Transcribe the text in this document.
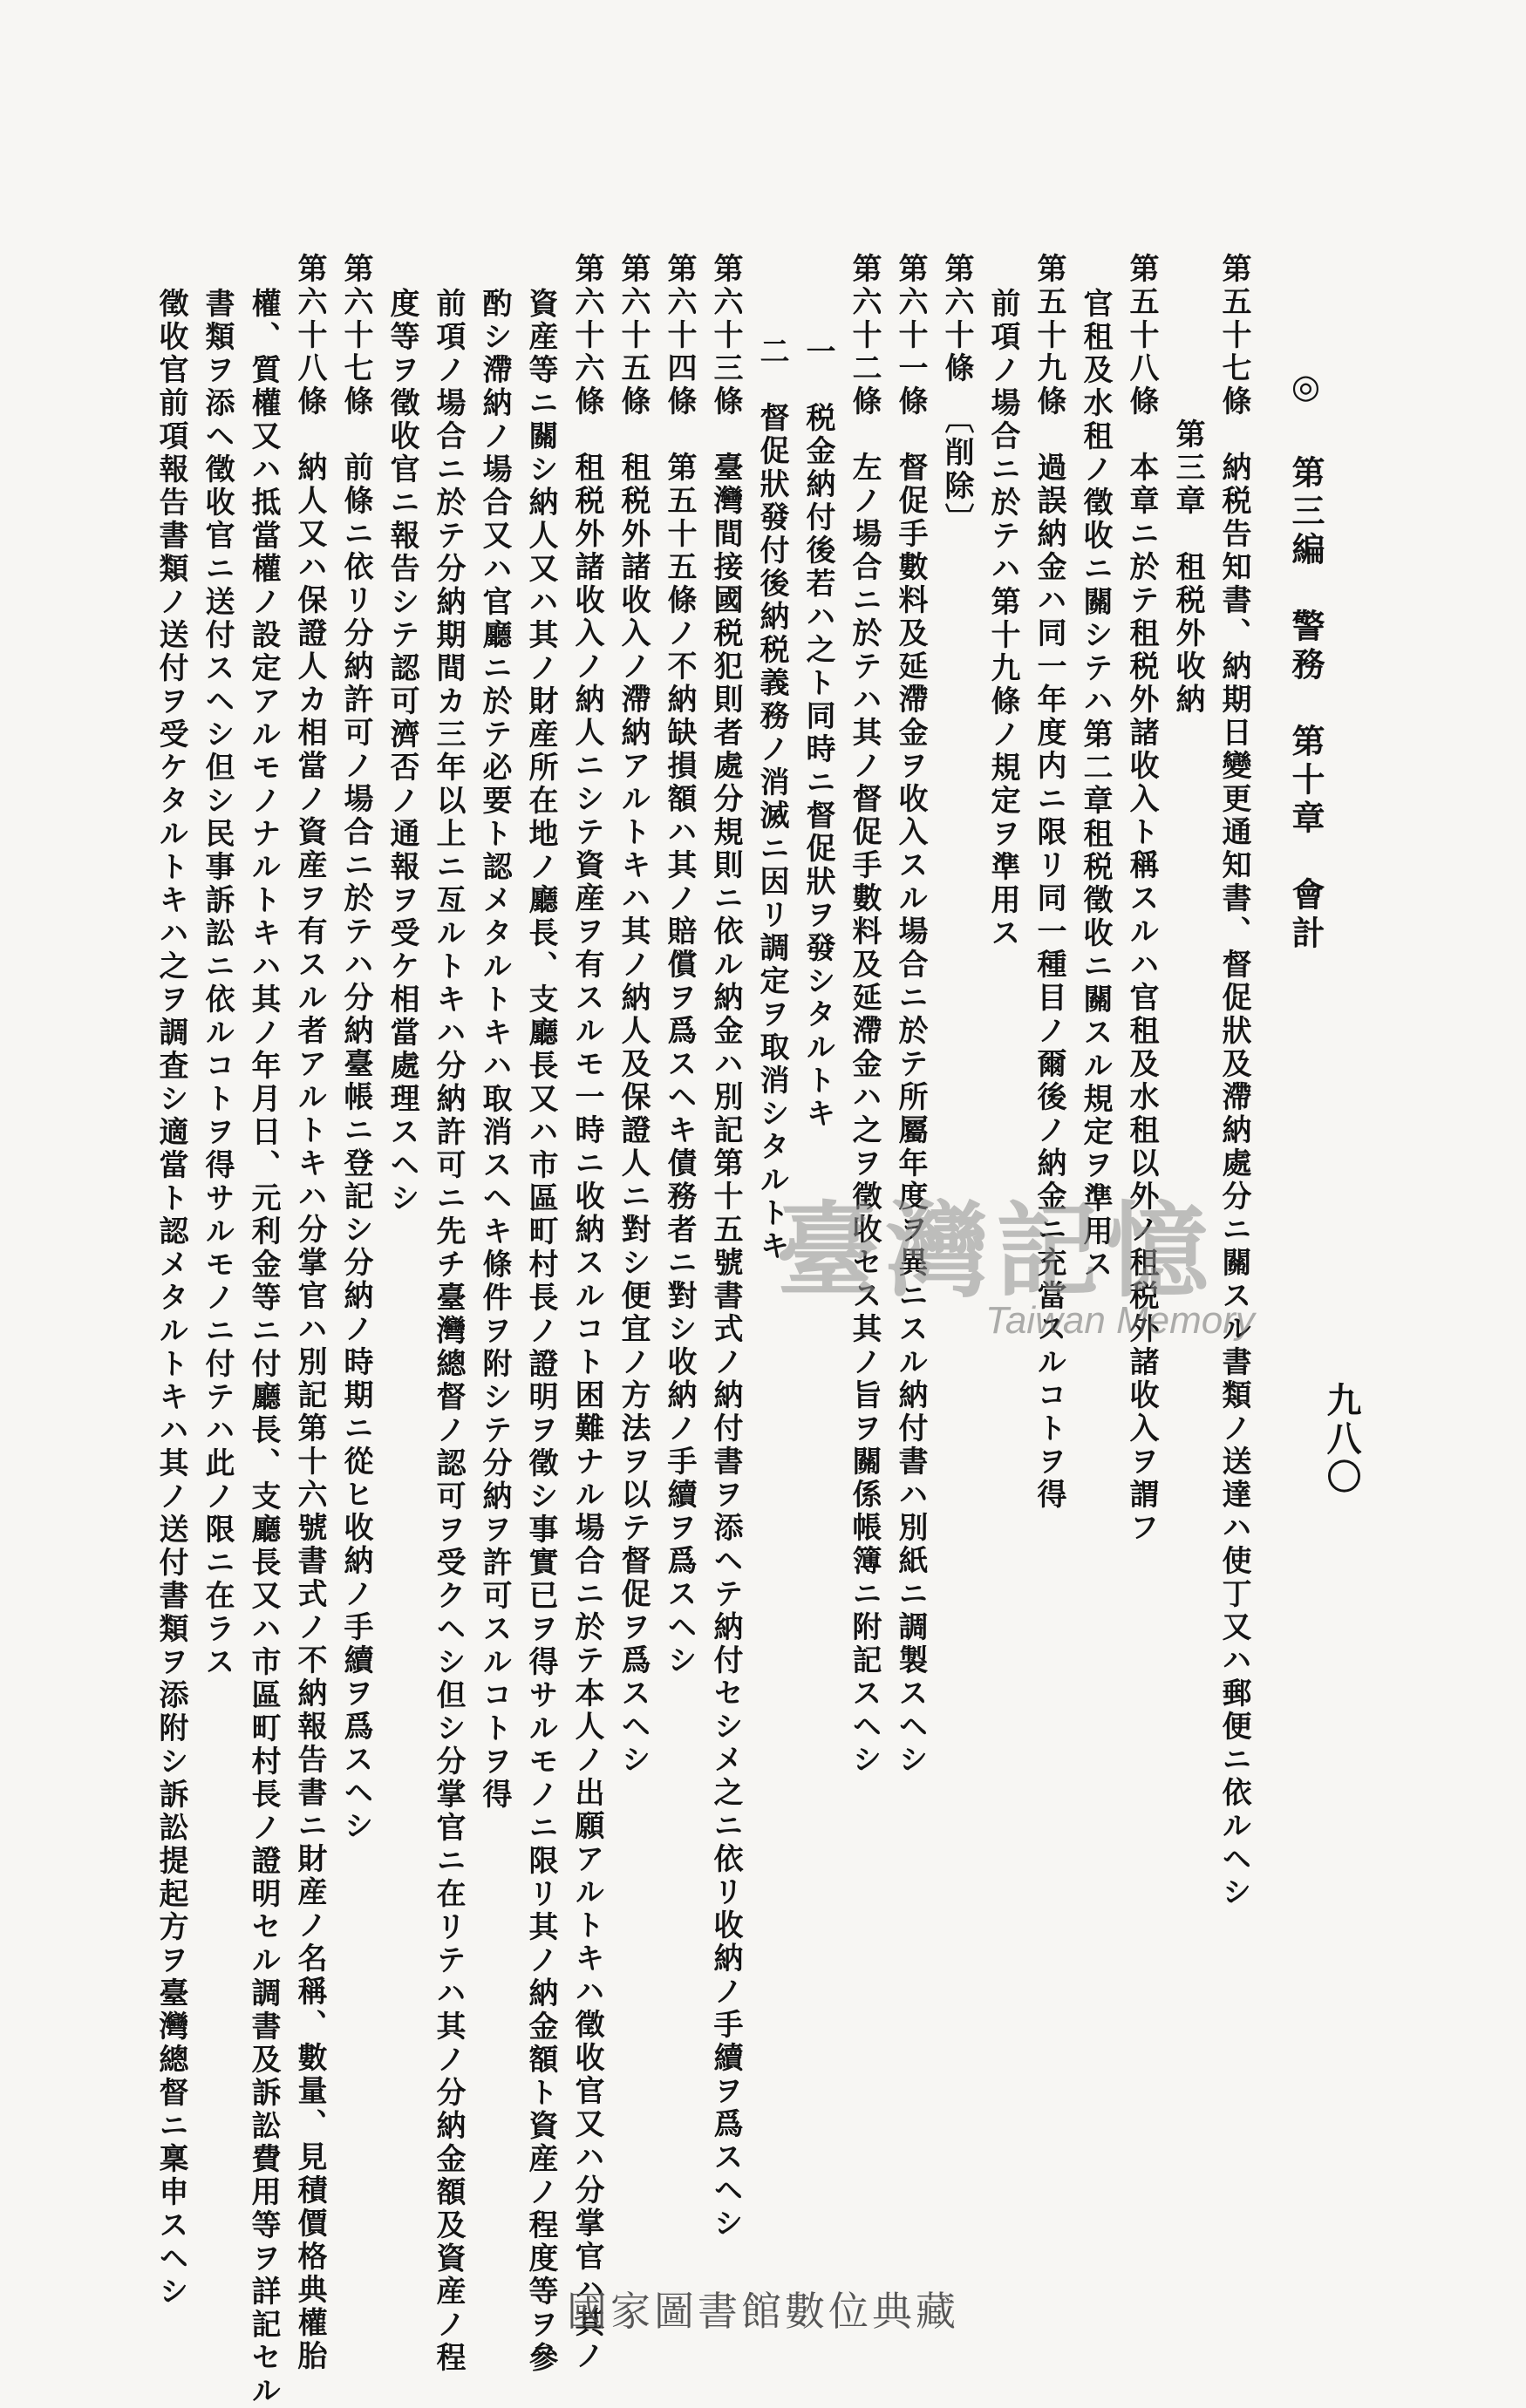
九八〇
◎ 第三編　警務　第十章　會計
第五十七條　納税告知書、納期日變更通知書、督促狀及滯納處分ニ關スル書類ノ送達ハ使丁又ハ郵便ニ依ルヘシ
第三章　租税外收納
第五十八條　本章ニ於テ租税外諸收入ト稱スルハ官租及水租以外ノ租税外諸收入ヲ謂フ
官租及水租ノ徵收ニ關シテハ第二章租税徵收ニ關スル規定ヲ準用ス
第五十九條　過誤納金ハ同一年度内ニ限リ同一種目ノ爾後ノ納金ニ充當スルコトヲ得
前項ノ場合ニ於テハ第十九條ノ規定ヲ準用ス
第六十條　〔削除〕
第六十一條　督促手數料及延滯金ヲ收入スル場合ニ於テ所屬年度ヲ異ニスル納付書ハ別紙ニ調製スヘシ
第六十二條　左ノ場合ニ於テハ其ノ督促手數料及延滯金ハ之ヲ徵收セス其ノ旨ヲ關係帳簿ニ附記スヘシ
一　税金納付後若ハ之ト同時ニ督促狀ヲ發シタルトキ
二　督促狀發付後納税義務ノ消滅ニ因リ調定ヲ取消シタルトキ
第六十三條　臺灣間接國税犯則者處分規則ニ依ル納金ハ別記第十五號書式ノ納付書ヲ添ヘテ納付セシメ之ニ依リ收納ノ手續ヲ爲スヘシ
第六十四條　第五十五條ノ不納缺損額ハ其ノ賠償ヲ爲スヘキ債務者ニ對シ收納ノ手續ヲ爲スヘシ
第六十五條　租税外諸收入ノ滯納アルトキハ其ノ納人及保證人ニ對シ便宜ノ方法ヲ以テ督促ヲ爲スヘシ
第六十六條　租税外諸收入ノ納人ニシテ資産ヲ有スルモ一時ニ收納スルコト困難ナル場合ニ於テ本人ノ出願アルトキハ徵收官又ハ分掌官ハ其ノ
資産等ニ關シ納人又ハ其ノ財産所在地ノ廳長、支廳長又ハ市區町村長ノ證明ヲ徵シ事實已ヲ得サルモノニ限リ其ノ納金額ト資産ノ程度等ヲ參
酌シ滯納ノ場合又ハ官廳ニ於テ必要ト認メタルトキハ取消スヘキ條件ヲ附シテ分納ヲ許可スルコトヲ得
前項ノ場合ニ於テ分納期間カ三年以上ニ亙ルトキハ分納許可ニ先チ臺灣總督ノ認可ヲ受クヘシ但シ分掌官ニ在リテハ其ノ分納金額及資産ノ程
度等ヲ徵收官ニ報告シテ認可濟否ノ通報ヲ受ケ相當處理スヘシ
第六十七條　前條ニ依リ分納許可ノ場合ニ於テハ分納臺帳ニ登記シ分納ノ時期ニ從ヒ收納ノ手續ヲ爲スヘシ
第六十八條　納人又ハ保證人カ相當ノ資産ヲ有スル者アルトキハ分掌官ハ別記第十六號書式ノ不納報告書ニ財産ノ名稱、數量、見積價格典權胎
權、質權又ハ抵當權ノ設定アルモノナルトキハ其ノ年月日、元利金等ニ付廳長、支廳長又ハ市區町村長ノ證明セル調書及訴訟費用等ヲ詳記セル
書類ヲ添ヘ徵收官ニ送付スヘシ但シ民事訴訟ニ依ルコトヲ得サルモノニ付テハ此ノ限ニ在ラス
徵收官前項報告書類ノ送付ヲ受ケタルトキハ之ヲ調査シ適當ト認メタルトキハ其ノ送付書類ヲ添附シ訴訟提起方ヲ臺灣總督ニ稟申スヘシ	臺灣記憶
Taiwan Memory
國家圖書館數位典藏
